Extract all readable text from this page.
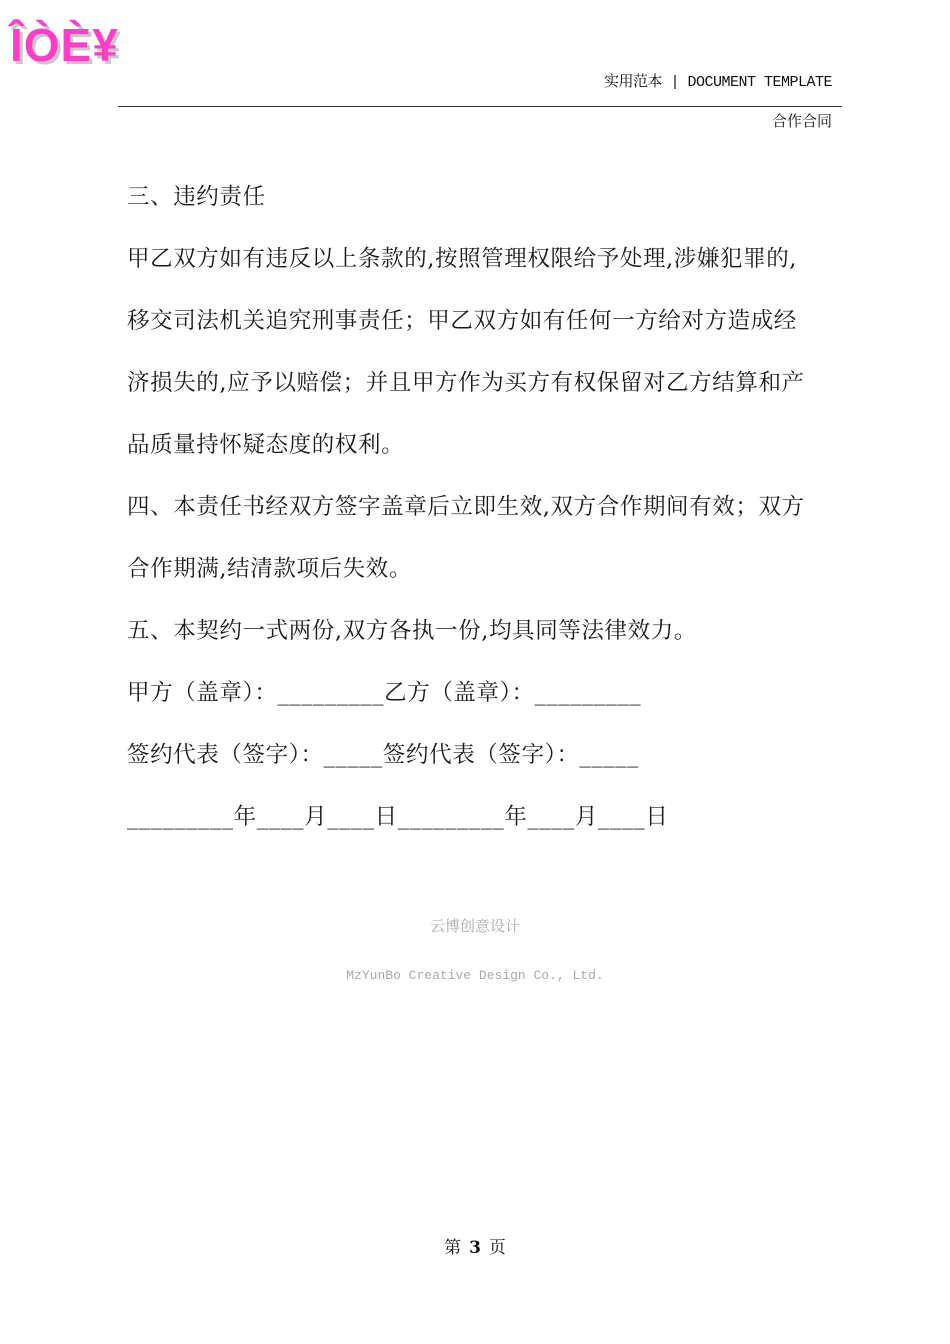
ÎÒÈ¥
实用范本 | DOCUMENT TEMPLATE
合作合同

三、违约责任

甲乙双方如有违反以上条款的,按照管理权限给予处理,涉嫌犯罪的,移交司法机关追究刑事责任；甲乙双方如有任何一方给对方造成经济损失的,应予以赔偿；并且甲方作为买方有权保留对乙方结算和产品质量持怀疑态度的权利。

四、本责任书经双方签字盖章后立即生效,双方合作期间有效；双方合作期满,结清款项后失效。

五、本契约一式两份,双方各执一份,均具同等法律效力。

甲方（盖章）：_________乙方（盖章）：_________

签约代表（签字）：_____签约代表（签字）：_____

_________年____月____日_________年____月____日

云博创意设计
MzYunBo Creative Design Co., Ltd.
第 3 页
